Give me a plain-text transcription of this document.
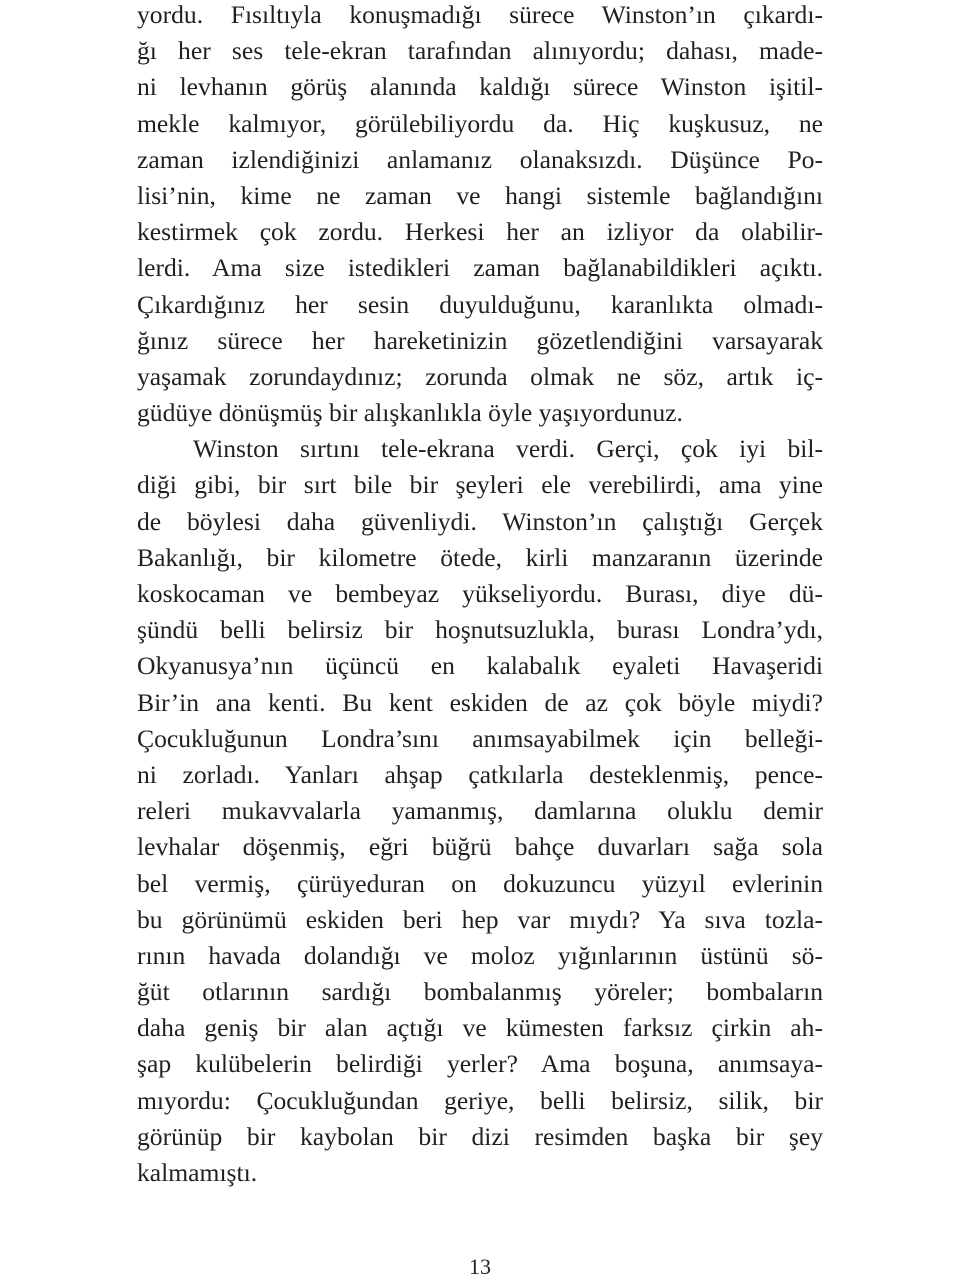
yordu. Fısıltıyla konuşmadığı sürece Winston’ın çıkardı-
ğı her ses tele-ekran tarafından alınıyordu; dahası, made-
ni levhanın görüş alanında kaldığı sürece Winston işitil-
mekle kalmıyor, görülebiliyordu da. Hiç kuşkusuz, ne
zaman izlendiğinizi anlamanız olanaksızdı. Düşünce Po-
lisi’nin, kime ne zaman ve hangi sistemle bağlandığını
kestirmek çok zordu. Herkesi her an izliyor da olabilir-
lerdi. Ama size istedikleri zaman bağlanabildikleri açıktı.
Çıkardığınız her sesin duyulduğunu, karanlıkta olmadı-
ğınız sürece her hareketinizin gözetlendiğini varsayarak
yaşamak zorundaydınız; zorunda olmak ne söz, artık iç-
güdüye dönüşmüş bir alışkanlıkla öyle yaşıyordunuz.
Winston sırtını tele-ekrana verdi. Gerçi, çok iyi bil-
diği gibi, bir sırt bile bir şeyleri ele verebilirdi, ama yine
de böylesi daha güvenliydi. Winston’ın çalıştığı Gerçek
Bakanlığı, bir kilometre ötede, kirli manzaranın üzerinde
koskocaman ve bembeyaz yükseliyordu. Burası, diye dü-
şündü belli belirsiz bir hoşnutsuzlukla, burası Londra’ydı,
Okyanusya’nın üçüncü en kalabalık eyaleti Havaşeridi
Bir’in ana kenti. Bu kent eskiden de az çok böyle miydi?
Çocukluğunun Londra’sını anımsayabilmek için belleği-
ni zorladı. Yanları ahşap çatkılarla desteklenmiş, pence-
releri mukavvalarla yamanmış, damlarına oluklu demir
levhalar döşenmiş, eğri büğrü bahçe duvarları sağa sola
bel vermiş, çürüyeduran on dokuzuncu yüzyıl evlerinin
bu görünümü eskiden beri hep var mıydı? Ya sıva tozla-
rının havada dolandığı ve moloz yığınlarının üstünü sö-
ğüt otlarının sardığı bombalanmış yöreler; bombaların
daha geniş bir alan açtığı ve kümesten farksız çirkin ah-
şap kulübelerin belirdiği yerler? Ama boşuna, anımsaya-
mıyordu: Çocukluğundan geriye, belli belirsiz, silik, bir
görünüp bir kaybolan bir dizi resimden başka bir şey
kalmamıştı.
13
